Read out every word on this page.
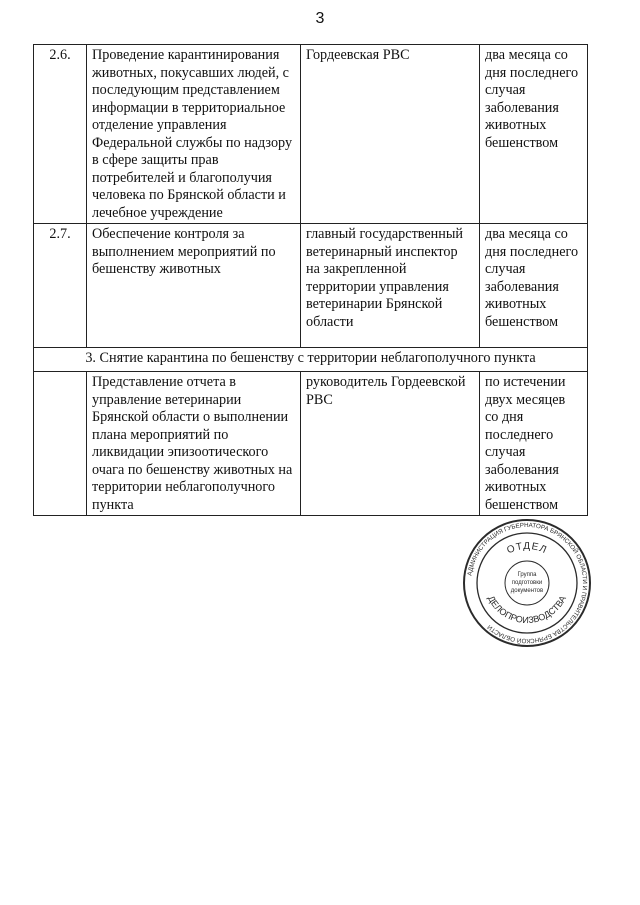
3
2.6.	Проведение карантинирования животных, покусавших людей, с последующим представлением информации в территориальное отделение управления Федеральной службы по надзору в сфере защиты прав потребителей и благополучия человека по Брянской области и лечебное учреждение	Гордеевская РВС	два месяца со дня последнего случая заболевания животных бешенством
2.7.	Обеспечение контроля за выполнением мероприятий по бешенству животных	главный государственный ветеринарный инспектор на закрепленной территории управления ветеринарии Брянской области	два месяца со дня последнего случая заболевания животных бешенством
3. Снятие карантина по бешенству с территории неблагополучного пункта			
	Представление отчета в управление ветеринарии Брянской области о выполнении плана мероприятий по ликвидации эпизоотического очага по бешенству животных на территории неблагополучного пункта	руководитель Гордеевской РВС	по истечении двух месяцев со дня последнего случая заболевания животных бешенством
АДМИНИСТРАЦИЯ ГУБЕРНАТОРА БРЯНСКОЙ ОБЛАСТИ И ПРАВИТЕЛЬСТВА БРЯНСКОЙ ОБЛАСТИ
ОТДЕЛ
ДЕЛОПРОИЗВОДСТВА
Группа
подготовки
документов
